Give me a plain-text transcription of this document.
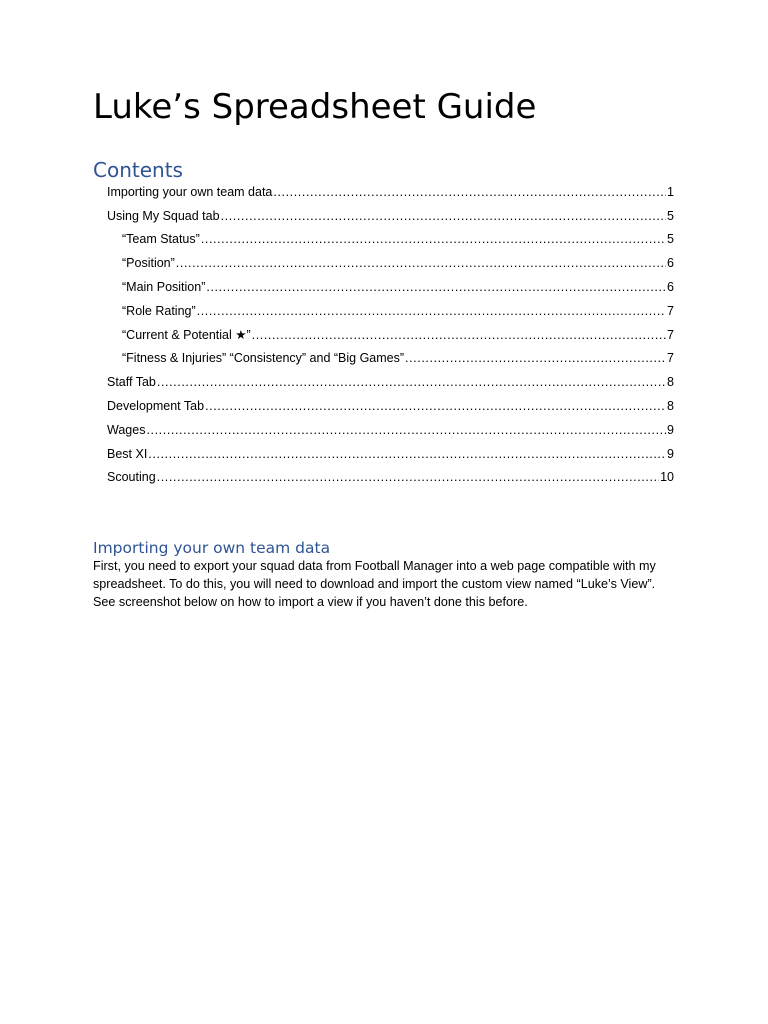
Luke’s Spreadsheet Guide
Contents
Importing your own team data .....	1
Using My Squad tab .....	5
“Team Status” .....	5
“Position” .....	6
“Main Position” .....	6
“Role Rating” .....	7
“Current & Potential ★” .....	7
“Fitness & Injuries” “Consistency” and “Big Games” .....	7
Staff Tab .....	8
Development Tab .....	8
Wages .....	9
Best XI .....	9
Scouting .....	10
Importing your own team data

First, you need to export your squad data from Football Manager into a web page compatible with my spreadsheet. To do this, you will need to download and import the custom view named “Luke’s View”. See screenshot below on how to import a view if you haven’t done this before.
